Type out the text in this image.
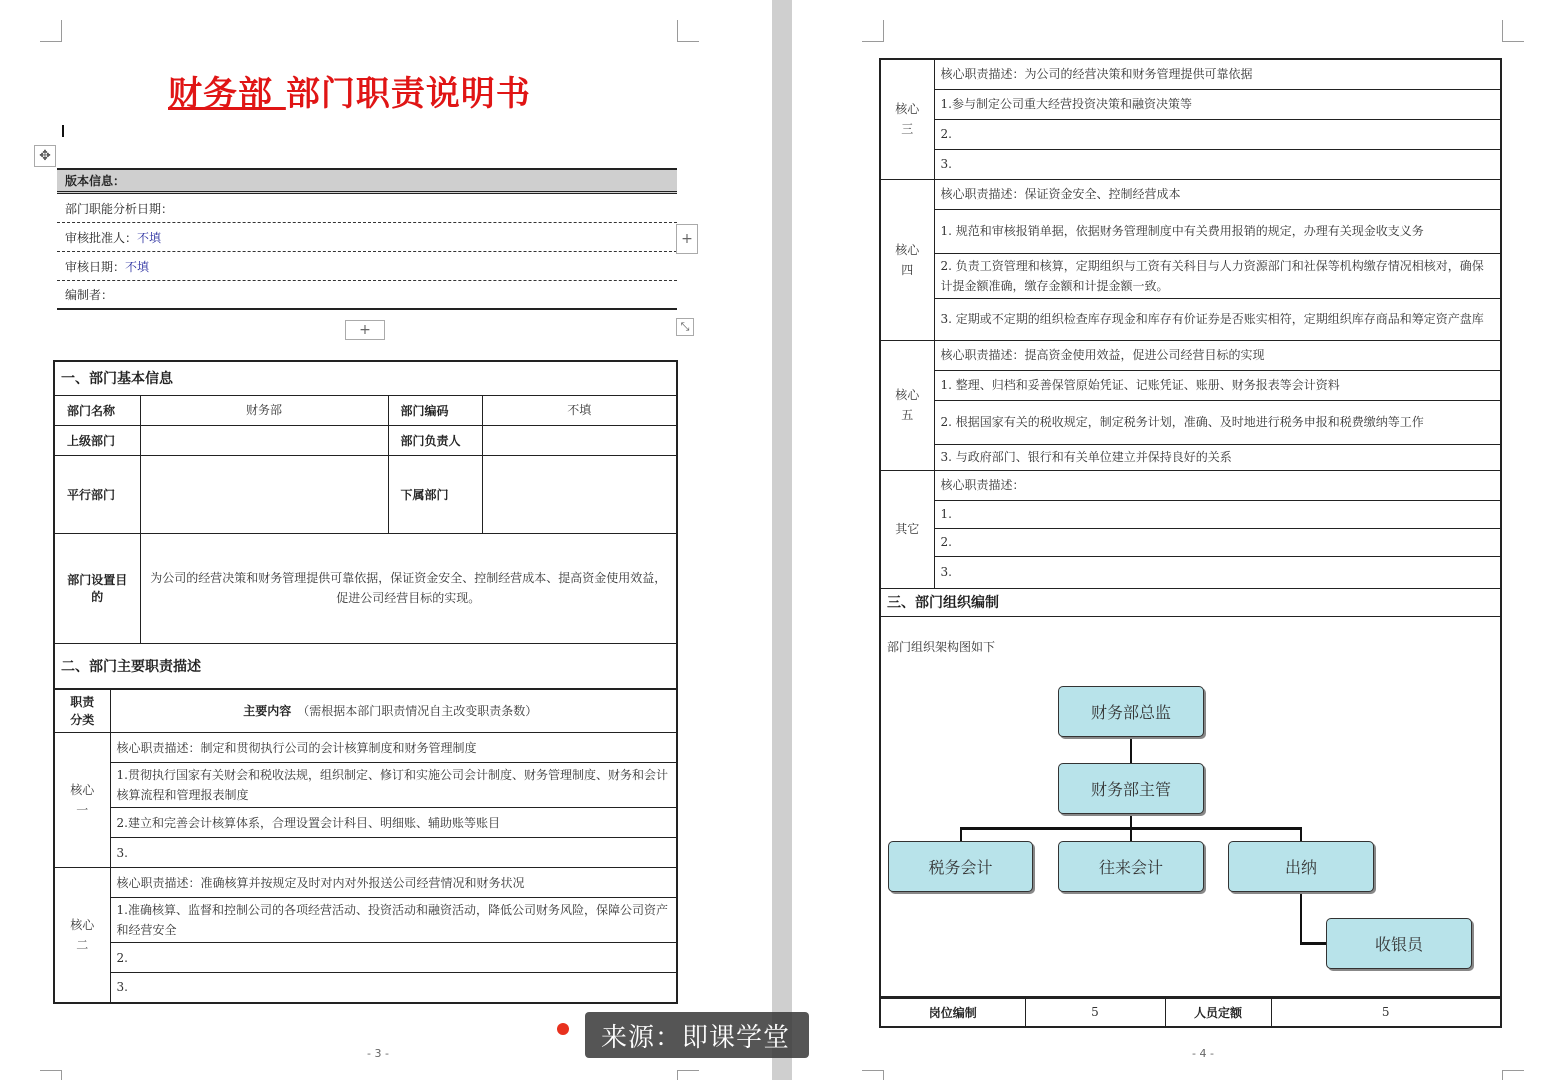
财务部 部门职责说明书
✥
版本信息：
部门职能分析日期：
审核批准人： 不填
审核日期： 不填
编制者：
+
+	⤡
一、部门基本信息			
部门名称	财务部	部门编码	不填
上级部门		部门负责人	
平行部门		下属部门	
部门设置目的	为公司的经营决策和财务管理提供可靠依据，保证资金安全、控制经营成本、提高资金使用效益，促进公司经营目标的实现。		
二、部门主要职责描述			
职责分类	主要内容 （需根据本部门职责情况自主改变职责条数）
核心一	核心职责描述：制定和贯彻执行公司的会计核算制度和财务管理制度
	1.贯彻执行国家有关财会和税收法规，组织制定、修订和实施公司会计制度、财务管理制度、财务和会计核算流程和管理报表制度
	2.建立和完善会计核算体系，合理设置会计科目、明细账、辅助账等账目
	3.
核心二	核心职责描述：准确核算并按规定及时对内对外报送公司经营情况和财务状况
	1.准确核算、监督和控制公司的各项经营活动、投资活动和融资活动，降低公司财务风险，保障公司资产和经营安全
	2.
	3.
- 3 -
核心三	核心职责描述：为公司的经营决策和财务管理提供可靠依据
	1.参与制定公司重大经营投资决策和融资决策等
	2.
	3.
核心四	核心职责描述：保证资金安全、控制经营成本
	1. 规范和审核报销单据，依据财务管理制度中有关费用报销的规定，办理有关现金收支义务
	2. 负责工资管理和核算，定期组织与工资有关科目与人力资源部门和社保等机构缴存情况相核对，确保计提金额准确，缴存金额和计提金额一致。
	3. 定期或不定期的组织检查库存现金和库存有价证券是否账实相符，定期组织库存商品和筹定资产盘库
核心五	核心职责描述：提高资金使用效益，促进公司经营目标的实现
	1. 整理、归档和妥善保管原始凭证、记账凭证、账册、财务报表等会计资料
	2. 根据国家有关的税收规定，制定税务计划，准确、及时地进行税务申报和税费缴纳等工作
	3. 与政府部门、银行和有关单位建立并保持良好的关系
其它	核心职责描述：
	1.
	2.
	3.
三、部门组织编制	

部门组织架构图如下	
财务部总监
财务部主管
税务会计	往来会计	出纳
收银员
岗位编制	5	人员定额	5
- 4 -
来源：即课学堂
